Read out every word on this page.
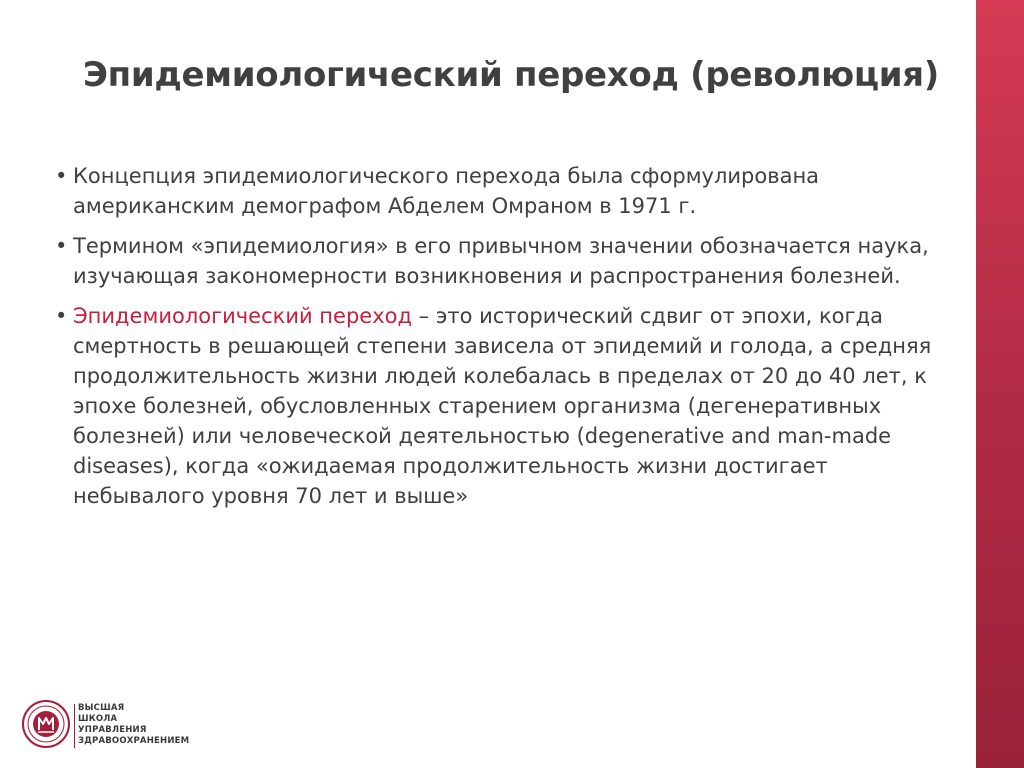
Эпидемиологический переход (революция)
• Концепция эпидемиологического перехода была сформулирована американским демографом Абделем Омраном в 1971 г.
• Термином «эпидемиология» в его привычном значении обозначается наука, изучающая закономерности возникновения и распространения болезней.
• Эпидемиологический переход – это исторический сдвиг от эпохи, когда смертность в решающей степени зависела от эпидемий и голода, а средняя продолжительность жизни людей колебалась в пределах от 20 до 40 лет, к эпохе болезней, обусловленных старением организма (дегенеративных болезней) или человеческой деятельностью (degenerative and man-made diseases), когда «ожидаемая продолжительность жизни достигает небывалого уровня 70 лет и выше»
ВЫСШАЯ
ШКОЛА
УПРАВЛЕНИЯ
ЗДРАВООХРАНЕНИЕМ
